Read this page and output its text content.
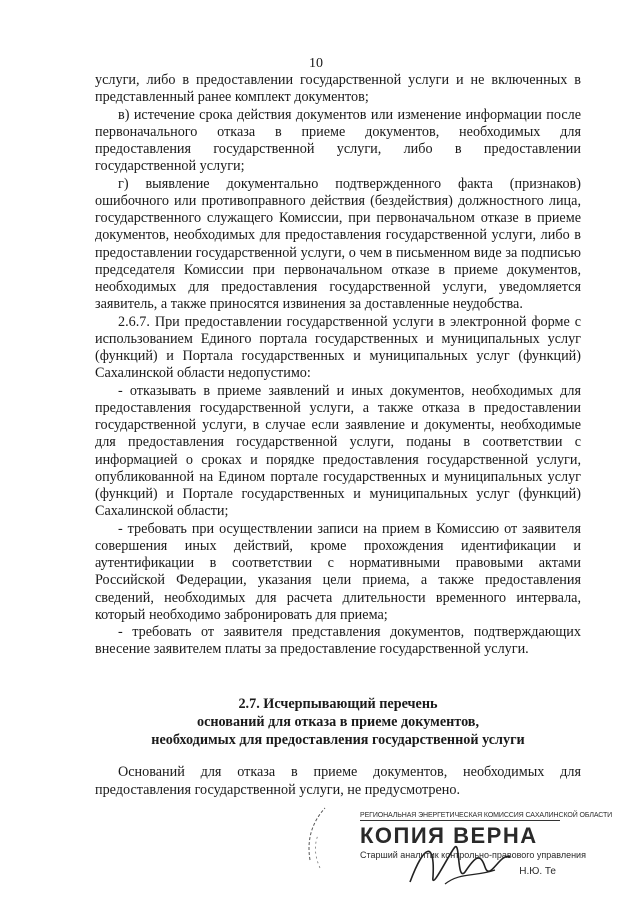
10

услуги, либо в предоставлении государственной услуги и не включенных в представленный ранее комплект документов;

в) истечение срока действия документов или изменение информации после первоначального отказа в приеме документов, необходимых для предоставления государственной услуги, либо в предоставлении государственной услуги;

г) выявление документально подтвержденного факта (признаков) ошибочного или противоправного действия (бездействия) должностного лица, государственного служащего Комиссии, при первоначальном отказе в приеме документов, необходимых для предоставления государственной услуги, либо в предоставлении государственной услуги, о чем в письменном виде за подписью председателя Комиссии при первоначальном отказе в приеме документов, необходимых для предоставления государственной услуги, уведомляется заявитель, а также приносятся извинения за доставленные неудобства.

2.6.7. При предоставлении государственной услуги в электронной форме с использованием Единого портала государственных и муниципальных услуг (функций) и Портала государственных и муниципальных услуг (функций) Сахалинской области недопустимо:

- отказывать в приеме заявлений и иных документов, необходимых для предоставления государственной услуги, а также отказа в предоставлении государственной услуги, в случае если заявление и документы, необходимые для предоставления государственной услуги, поданы в соответствии с информацией о сроках и порядке предоставления государственной услуги, опубликованной на Едином портале государственных и муниципальных услуг (функций) и Портале государственных и муниципальных услуг (функций) Сахалинской области;

- требовать при осуществлении записи на прием в Комиссию от заявителя совершения иных действий, кроме прохождения идентификации и аутентификации в соответствии с нормативными правовыми актами Российской Федерации, указания цели приема, а также предоставления сведений, необходимых для расчета длительности временного интервала, который необходимо забронировать для приема;

- требовать от заявителя представления документов, подтверждающих внесение заявителем платы за предоставление государственной услуги.

2.7. Исчерпывающий перечень
оснований для отказа в приеме документов,
необходимых для предоставления государственной услуги

Оснований для отказа в приеме документов, необходимых для предоставления государственной услуги, не предусмотрено.

РЕГИОНАЛЬНАЯ ЭНЕРГЕТИЧЕСКАЯ КОМИССИЯ САХАЛИНСКОЙ ОБЛАСТИ
КОПИЯ ВЕРНА
Старший аналитик контрольно-правового управления
Н.Ю. Те
